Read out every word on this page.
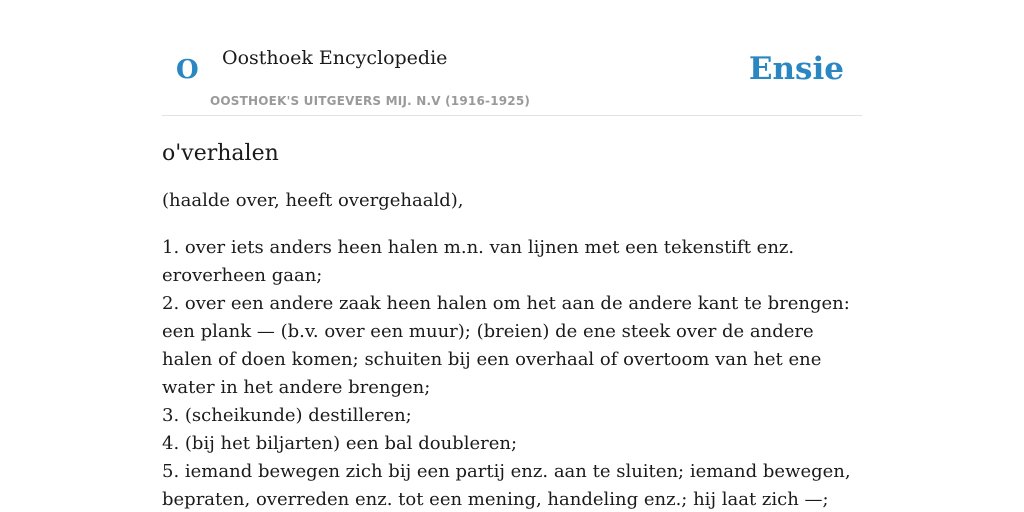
O Oosthoek Encyclopedie
OOSTHOEK'S UITGEVERS MIJ. N.V (1916-1925)
Ensie
o'verhalen

(haalde over, heeft overgehaald),

1. over iets anders heen halen m.n. van lijnen met een tekenstift enz. eroverheen gaan;
2. over een andere zaak heen halen om het aan de andere kant te brengen: een plank — (b.v. over een muur); (breien) de ene steek over de andere halen of doen komen; schuiten bij een overhaal of overtoom van het ene water in het andere brengen;
3. (scheikunde) destilleren;
4. (bij het biljarten) een bal doubleren;
5. iemand bewegen zich bij een partij enz. aan te sluiten; iemand bewegen, bepraten, overreden enz. tot een mening, handeling enz.; hij laat zich —;
